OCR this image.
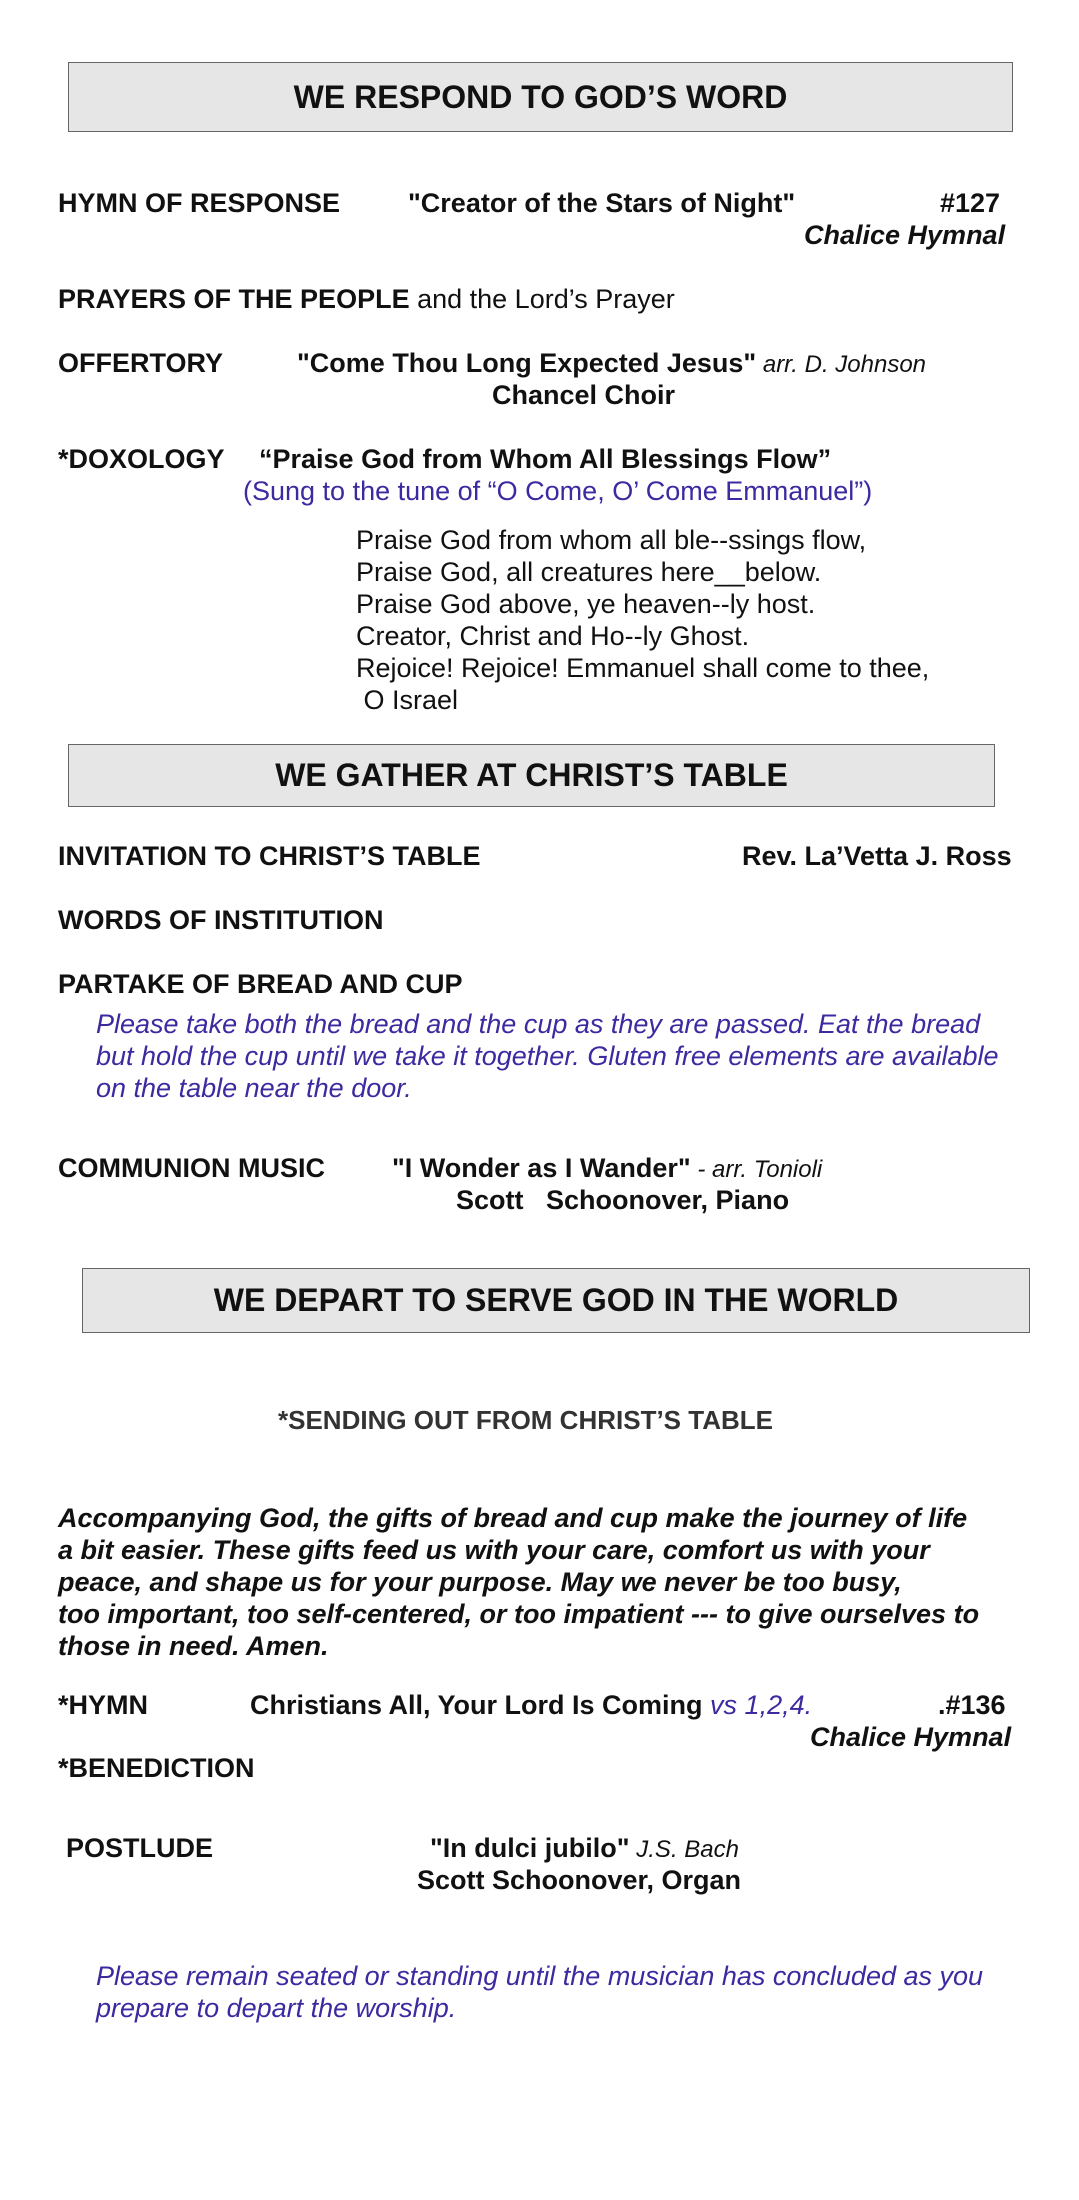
WE RESPOND TO GOD’S WORD
HYMN OF RESPONSE	"Creator of the Stars of Night"	#127
Chalice Hymnal
PRAYERS OF THE PEOPLE and the Lord’s Prayer
OFFERTORY	"Come Thou Long Expected Jesus" arr. D. Johnson
Chancel Choir
*DOXOLOGY “Praise God from Whom All Blessings Flow”
(Sung to the tune of “O Come, O’ Come Emmanuel”)
Praise God from whom all ble--ssings flow,
Praise God, all creatures here__below.
Praise God above, ye heaven--ly host.
Creator, Christ and Ho--ly Ghost.
Rejoice! Rejoice! Emmanuel shall come to thee,
O Israel
WE GATHER AT CHRIST’S TABLE
INVITATION TO CHRIST’S TABLE	Rev. La’Vetta J. Ross
WORDS OF INSTITUTION
PARTAKE OF BREAD AND CUP
Please take both the bread and the cup as they are passed. Eat the bread
but hold the cup until we take it together. Gluten free elements are available
on the table near the door.
COMMUNION MUSIC "I Wonder as I Wander" - arr. Tonioli
Scott   Schoonover, Piano
WE DEPART TO SERVE GOD IN THE WORLD
*SENDING OUT FROM CHRIST’S TABLE
Accompanying God, the gifts of bread and cup make the journey of life
a bit easier. These gifts feed us with your care, comfort us with your
peace, and shape us for your purpose. May we never be too busy,
too important, too self-centered, or too impatient --- to give ourselves to
those in need. Amen.
*HYMN	Christians All, Your Lord Is Coming vs 1,2,4.	.#136
Chalice Hymnal
*BENEDICTION
POSTLUDE	"In dulci jubilo" J.S. Bach
Scott Schoonover, Organ
Please remain seated or standing until the musician has concluded as you
prepare to depart the worship.
